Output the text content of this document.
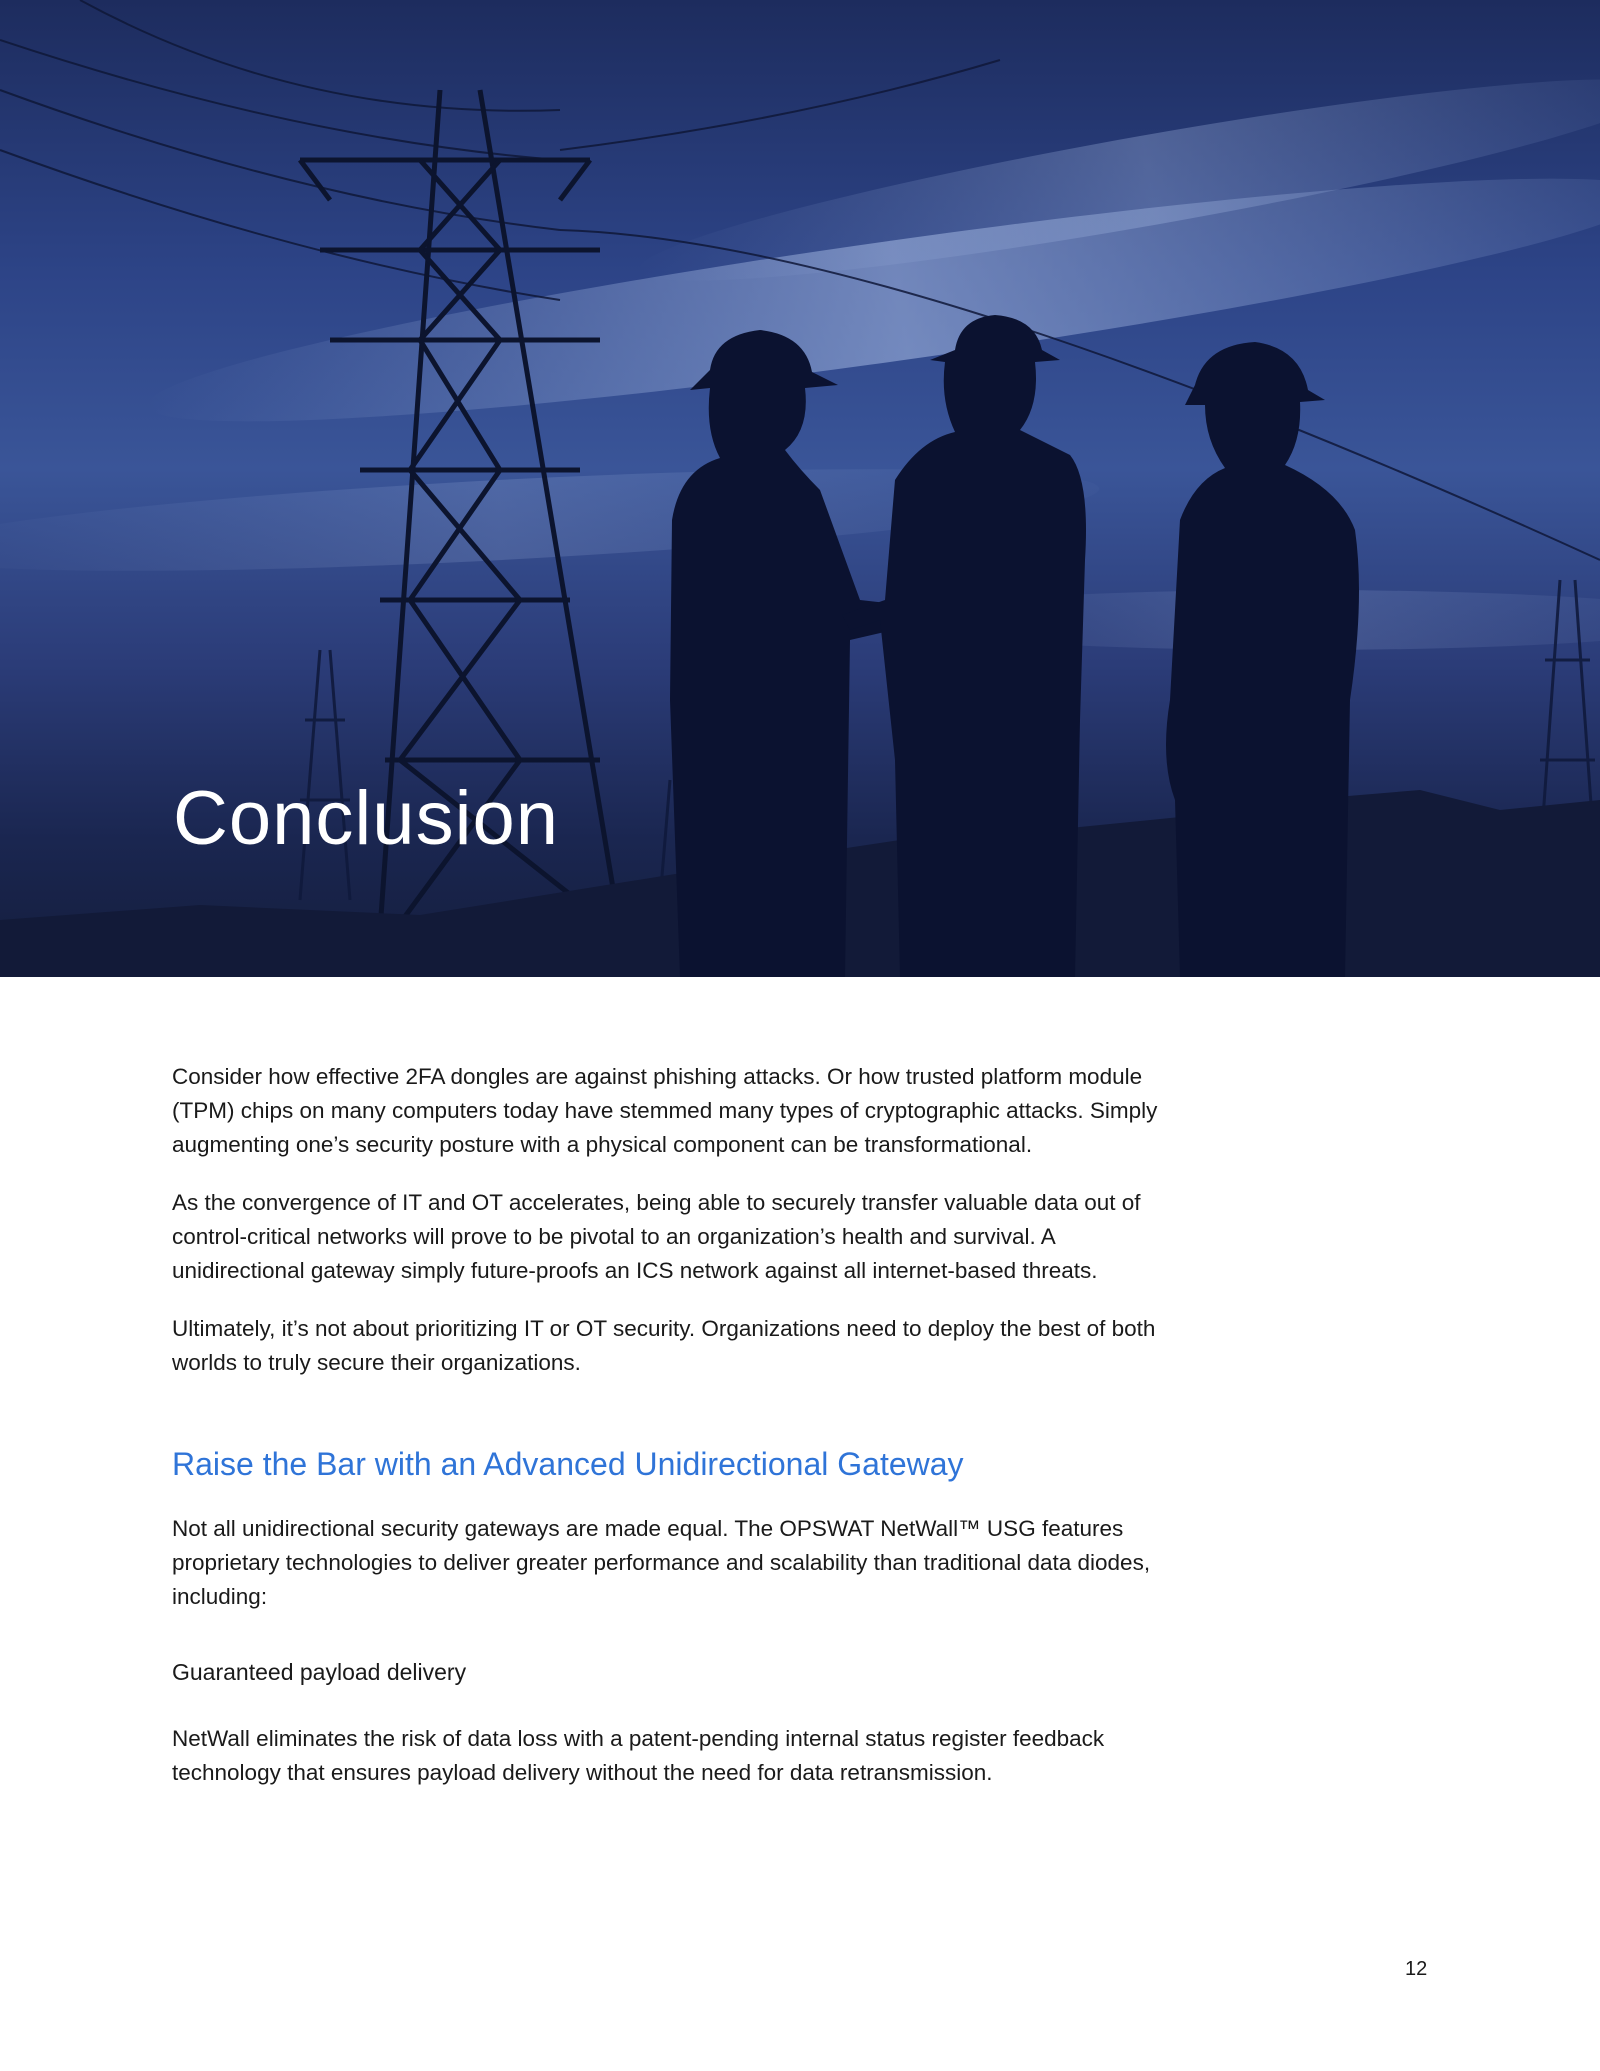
Conclusion

Consider how effective 2FA dongles are against phishing attacks. Or how trusted platform module (TPM) chips on many computers today have stemmed many types of cryptographic attacks. Simply augmenting one’s security posture with a physical component can be transformational.

As the convergence of IT and OT accelerates, being able to securely transfer valuable data out of control-critical networks will prove to be pivotal to an organization’s health and survival. A unidirectional gateway simply future-proofs an ICS network against all internet-based threats.

Ultimately, it’s not about prioritizing IT or OT security. Organizations need to deploy the best of both worlds to truly secure their organizations.

Raise the Bar with an Advanced Unidirectional Gateway

Not all unidirectional security gateways are made equal. The OPSWAT NetWall™ USG features proprietary technologies to deliver greater performance and scalability than traditional data diodes, including:

Guaranteed payload delivery

NetWall eliminates the risk of data loss with a patent-pending internal status register feedback technology that ensures payload delivery without the need for data retransmission.

12
